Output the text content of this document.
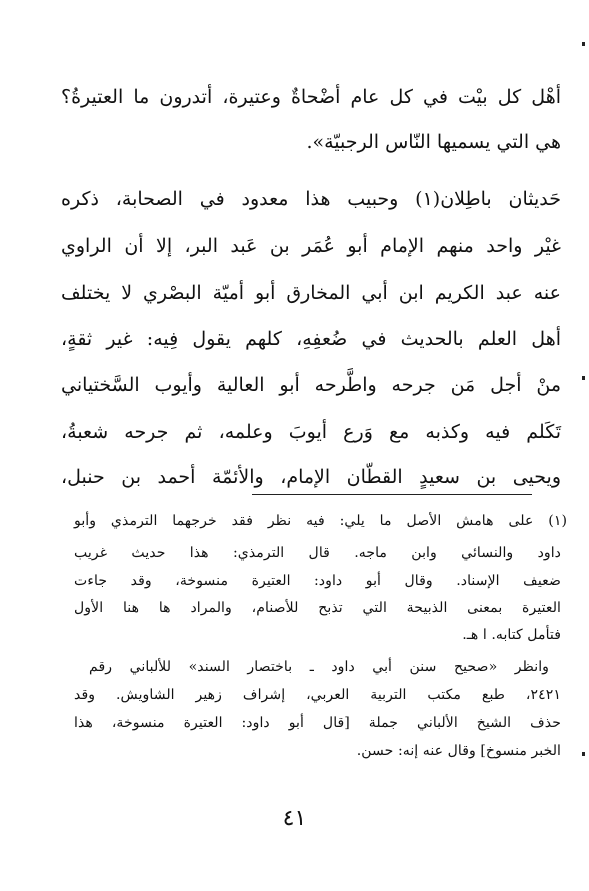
أهْل كل بيْت في كل عام أضْحاةٌ وعتيرة، أتدرون ما العتيرةُ؟
هي التي يسميها النّاس الرجبيّة».
حَديثان باطِلان(١) وحبيب هذا معدود في الصحابة، ذكره
غيْر واحد منهم الإمام أبو عُمَر بن عَبد البر، إلا أن الراوي
عنه عبد الكريم ابن أبي المخارق أبو أميّة البصْري لا يختلف
أهل العلم بالحديث في ضُعفِهِ، كلهم يقول فِيه: غير ثقةٍ،
منْ أجل مَن جرحه واطَّرحه أبو العالية وأيوب السَّختياني
تَكَلم فيه وكذبه مع وَرع أيوبَ وعلمه، ثم جرحه شعبةُ،
ويحيى بن سعيدٍ القطّان الإمام، والأئمّة أحمد بن حنبل،
(١) على هامش الأصل ما يلي: فيه نظر فقد خرجهما الترمذي وأبو
داود والنسائي وابن ماجه. قال الترمذي: هذا حديث غريب
ضعيف الإسناد. وقال أبو داود: العتيرة منسوخة، وقد جاءت
العتيرة بمعنى الذبيحة التي تذبح للأصنام، والمراد ها هنا الأول
فتأمل كتابه. ا هـ.
وانظر «صحيح سنن أبي داود ـ باختصار السند» للألباني رقم
٢٤٢١، طبع مكتب التربية العربي، إشراف زهير الشاويش. وقد
حذف الشيخ الألباني جملة [قال أبو داود: العتيرة منسوخة، هذا
الخبر منسوخ] وقال عنه إنه: حسن.
٤١
